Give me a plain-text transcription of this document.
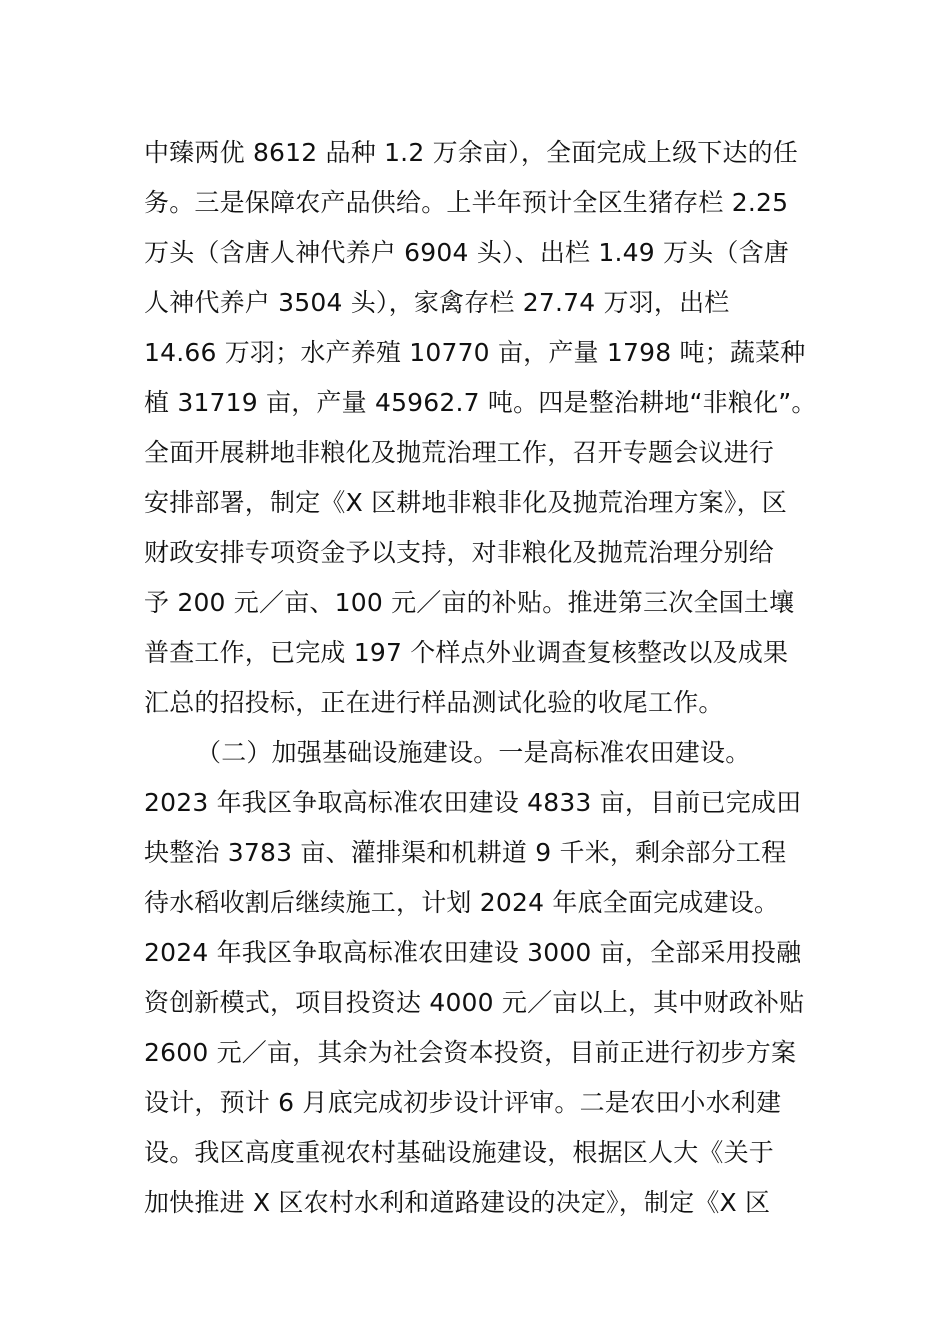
中臻两优 8612 品种 1.2 万余亩），全面完成上级下达的任
务。三是保障农产品供给。上半年预计全区生猪存栏 2.25
万头（含唐人神代养户 6904 头）、出栏 1.49 万头（含唐
人神代养户 3504 头），家禽存栏 27.74 万羽，出栏
14.66 万羽；水产养殖 10770 亩，产量 1798 吨；蔬菜种
植 31719 亩，产量 45962.7 吨。四是整治耕地“非粮化”。
全面开展耕地非粮化及抛荒治理工作，召开专题会议进行
安排部署，制定《X 区耕地非粮非化及抛荒治理方案》，区
财政安排专项资金予以支持，对非粮化及抛荒治理分别给
予 200 元／亩、100 元／亩的补贴。推进第三次全国土壤
普查工作，已完成 197 个样点外业调查复核整改以及成果
汇总的招投标，正在进行样品测试化验的收尾工作。
（二）加强基础设施建设。一是高标准农田建设。
2023 年我区争取高标准农田建设 4833 亩，目前已完成田
块整治 3783 亩、灌排渠和机耕道 9 千米，剩余部分工程
待水稻收割后继续施工，计划 2024 年底全面完成建设。
2024 年我区争取高标准农田建设 3000 亩，全部采用投融
资创新模式，项目投资达 4000 元／亩以上，其中财政补贴
2600 元／亩，其余为社会资本投资，目前正进行初步方案
设计，预计 6 月底完成初步设计评审。二是农田小水利建
设。我区高度重视农村基础设施建设，根据区人大《关于
加快推进 X 区农村水利和道路建设的决定》，制定《X 区
